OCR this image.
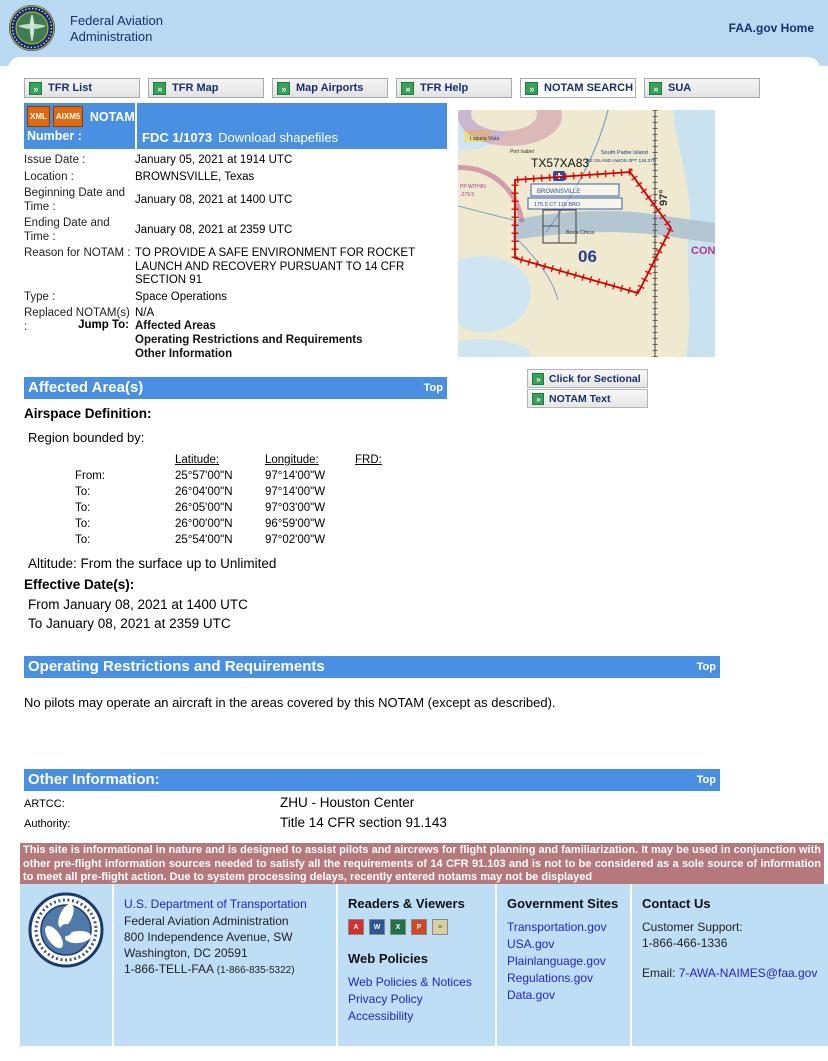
Federal Aviation
Administration
FAA.gov Home
» TFR List	» TFR Map	» Map Airports	» TFR Help	» NOTAM SEARCH	» SUA
XML AIXM5 NOTAM
Number :	FDC 1/1073 Download shapefiles
Issue Date :	January 05, 2021 at 1914 UTC
Location :	BROWNSVILLE, Texas
Beginning Date and Time :
January 08, 2021 at 1400 UTC
Ending Date and Time :
January 08, 2021 at 2359 UTC
Reason for NOTAM : TO PROVIDE A SAFE ENVIRONMENT FOR ROCKET LAUNCH AND RECOVERY PURSUANT TO 14 CFR SECTION 91
Type :	Space Operations
Replaced NOTAM(s) :
N/A
Jump To: Affected Areas
Operating Restrictions and Requirements
Other Information
BROWNSVILLE
175.5 CT 118 BRO
TX57XA83
South Padre Island
RE ISLAND AWOS-3PT 118.375
Laguna Vista
Port Isabel
Boca Chica
PP WITHIN
-279.5
06	CON
97°
» Click for Sectional
» NOTAM Text
Affected Area(s)	Top
Airspace Definition:
Region bounded by:
		Latitude:	Longitude:	FRD:
	From:	25°57'00"N	97°14'00"W	
	To:	26°04'00"N	97°14'00"W	
	To:	26°05'00"N	97°03'00"W	
	To:	26°00'00"N	96°59'00"W	
	To:	25°54'00"N	97°02'00"W	
Altitude: From the surface up to Unlimited
Effective Date(s):
From January 08, 2021 at 1400 UTC
To January 08, 2021 at 2359 UTC
Operating Restrictions and Requirements	Top
No pilots may operate an aircraft in the areas covered by this NOTAM (except as described).
Other Information:	Top
ARTCC:	ZHU - Houston Center
Authority:	Title 14 CFR section 91.143
This site is informational in nature and is designed to assist pilots and aircrews for flight planning and familiarization. It may be used in conjunction with other pre-flight information sources needed to satisfy all the requirements of 14 CFR 91.103 and is not to be considered as a sole source of information to meet all pre-flight action. Due to system processing delays, recently entered notams may not be displayed
U.S. Department of Transportation
Federal Aviation Administration
800 Independence Avenue, SW
Washington, DC 20591
1-866-TELL-FAA (1-866-835-5322)
Readers & Viewers
A	W	X	P	≡
Web Policies
Web Policies & Notices
Privacy Policy
Accessibility
Government Sites
Transportation.gov
USA.gov
Plainlanguage.gov
Regulations.gov
Data.gov
Contact Us
Customer Support:
1-866-466-1336
Email: 7-AWA-NAIMES@faa.gov
